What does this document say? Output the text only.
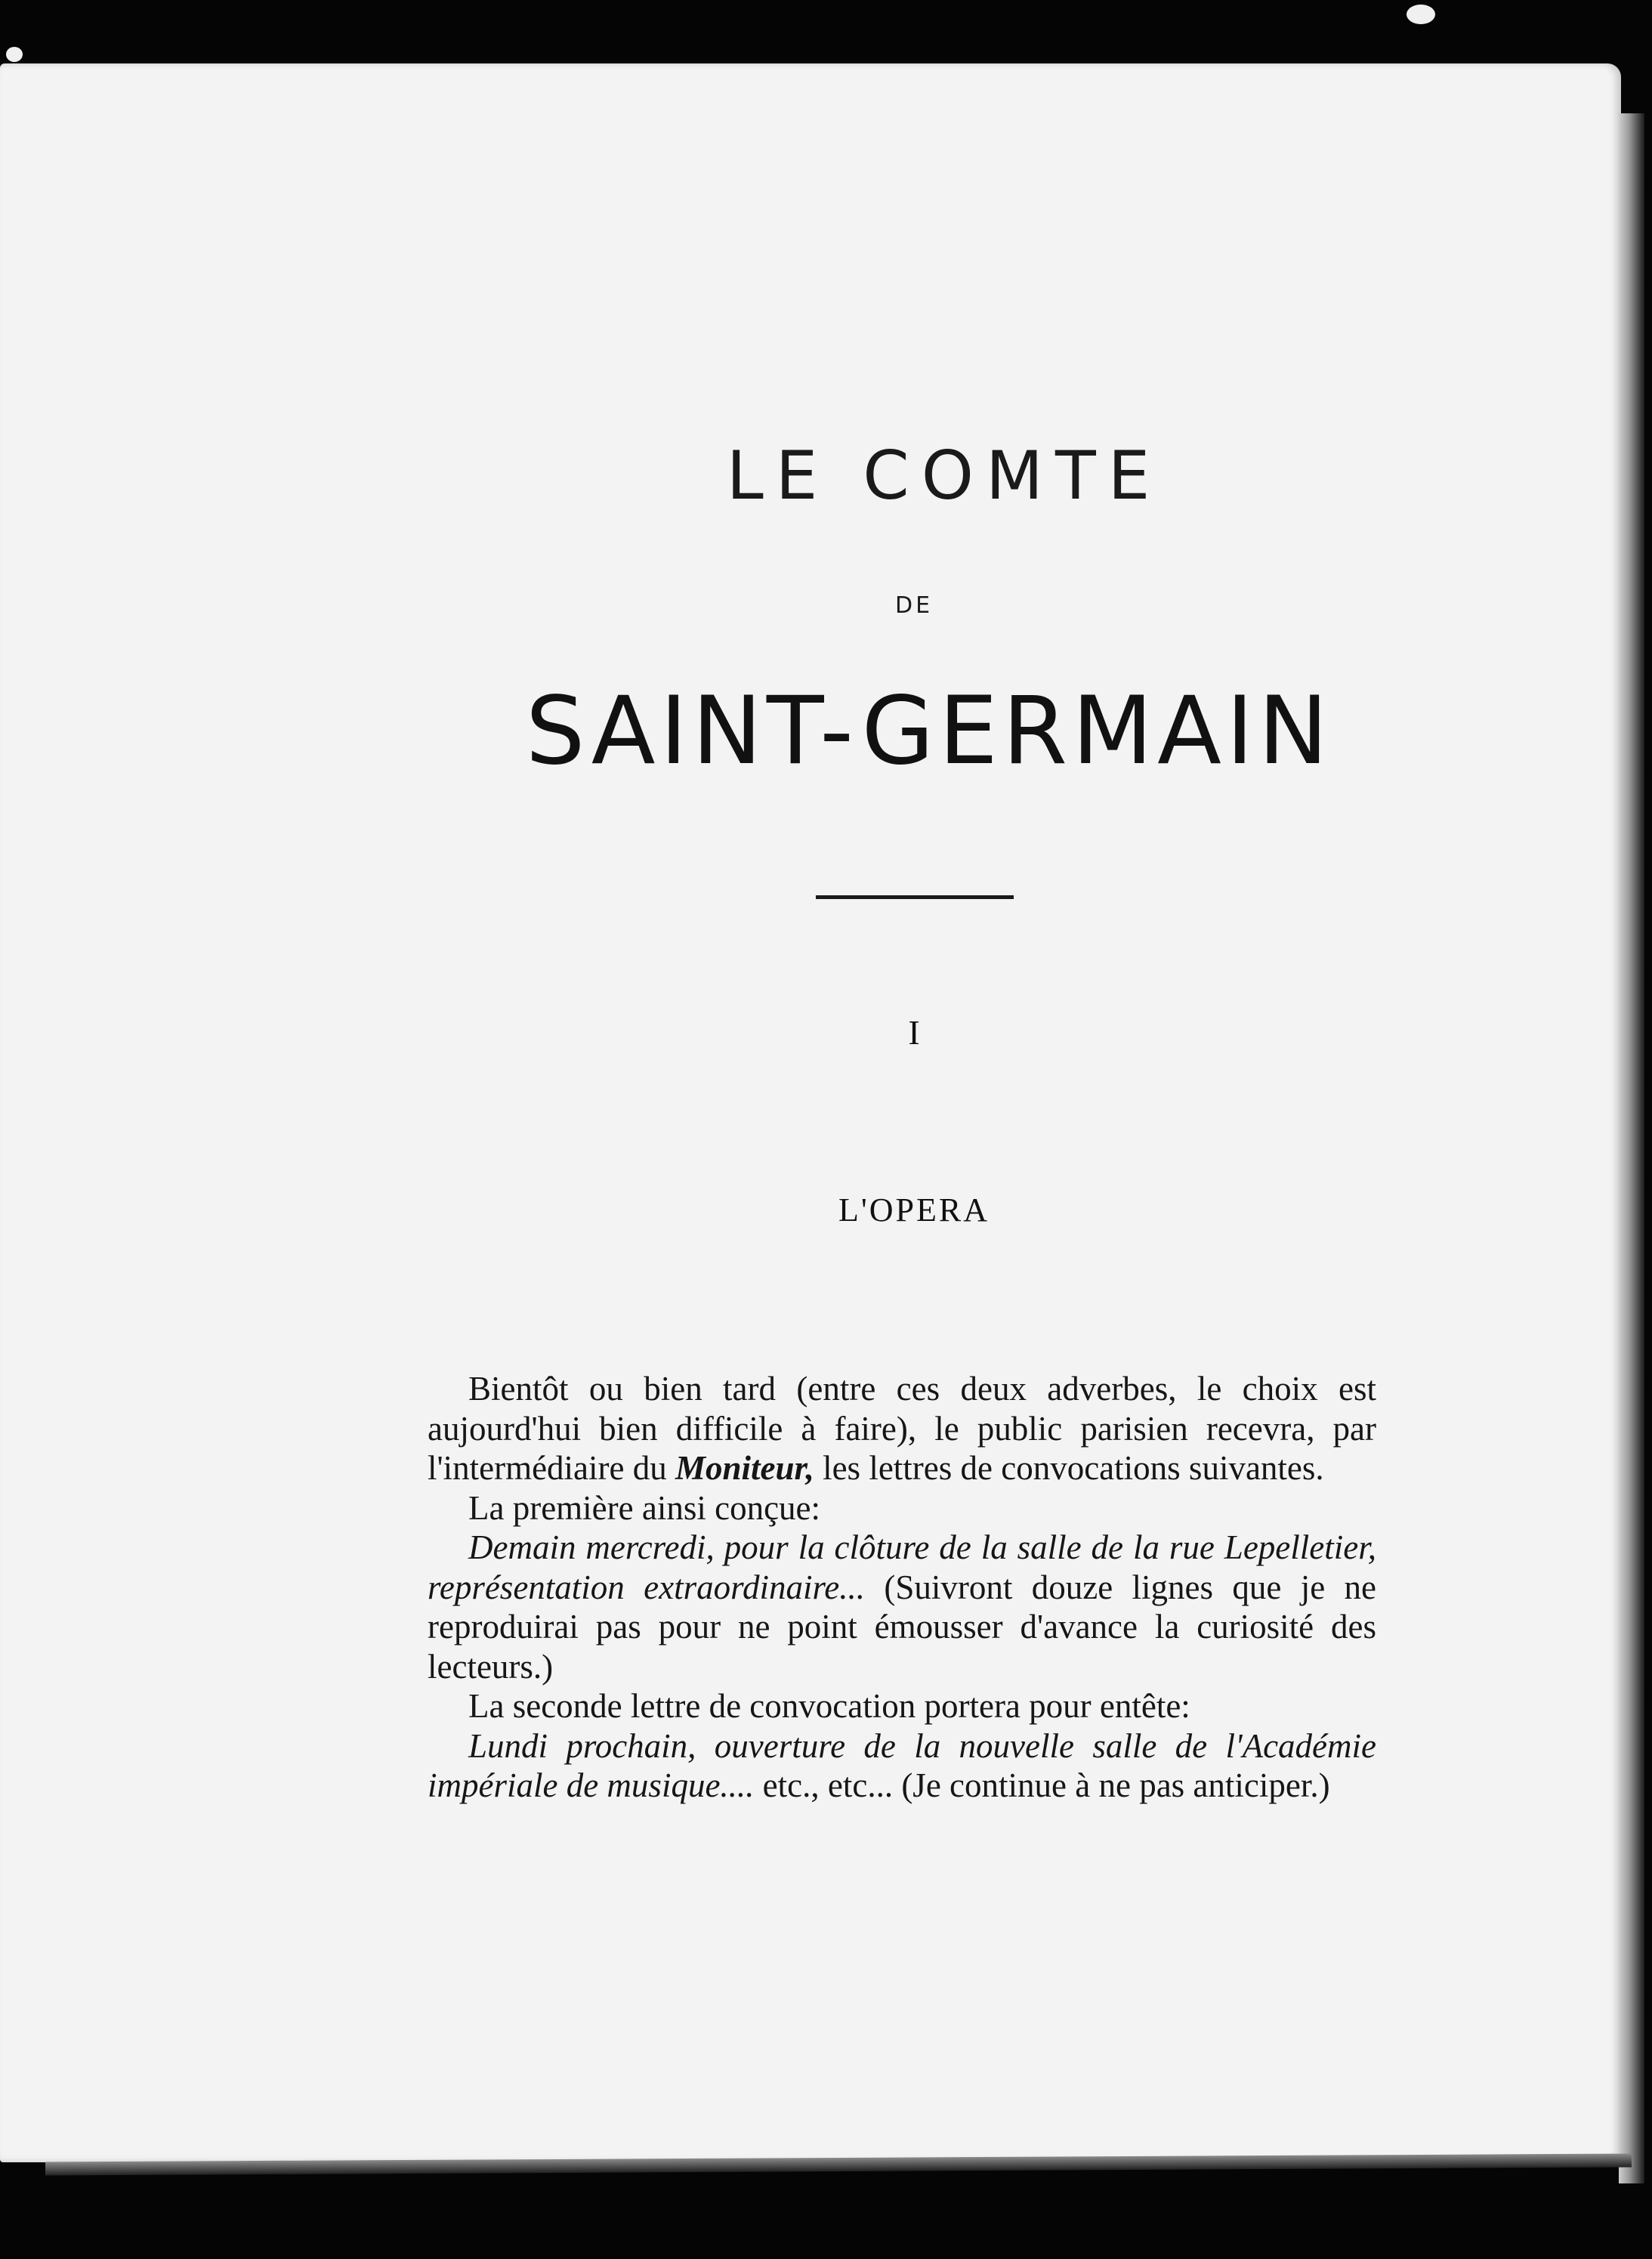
LE COMTE
DE
SAINT-GERMAIN
I
L'OPERA

Bientôt ou bien tard (entre ces deux adverbes, le choix est aujourd'hui bien difficile à faire), le public parisien recevra, par l'intermédiaire du Moniteur, les lettres de convocations suivantes.

La première ainsi conçue:

Demain mercredi, pour la clôture de la salle de la rue Lepelletier, représentation extraordinaire... (Suivront douze lignes que je ne reproduirai pas pour ne point émousser d'avance la curiosité des lecteurs.)

La seconde lettre de convocation portera pour entête:

Lundi prochain, ouverture de la nouvelle salle de l'Académie impériale de musique.... etc., etc... (Je continue à ne pas anticiper.)
